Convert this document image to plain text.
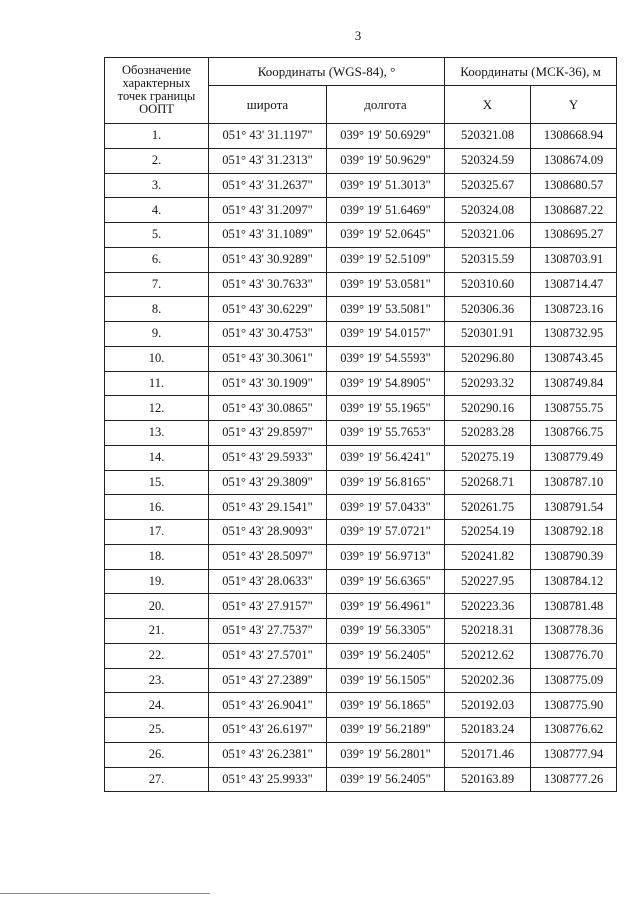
3
Обозначение характерных точек границы ООПТ	Координаты (WGS-84), °		Координаты (МСК-36), м	
	широта	долгота	X	Y
1.	051° 43' 31.1197"	039° 19' 50.6929"	520321.08	1308668.94
2.	051° 43' 31.2313"	039° 19' 50.9629"	520324.59	1308674.09
3.	051° 43' 31.2637"	039° 19' 51.3013"	520325.67	1308680.57
4.	051° 43' 31.2097"	039° 19' 51.6469"	520324.08	1308687.22
5.	051° 43' 31.1089"	039° 19' 52.0645"	520321.06	1308695.27
6.	051° 43' 30.9289"	039° 19' 52.5109"	520315.59	1308703.91
7.	051° 43' 30.7633"	039° 19' 53.0581"	520310.60	1308714.47
8.	051° 43' 30.6229"	039° 19' 53.5081"	520306.36	1308723.16
9.	051° 43' 30.4753"	039° 19' 54.0157"	520301.91	1308732.95
10.	051° 43' 30.3061"	039° 19' 54.5593"	520296.80	1308743.45
11.	051° 43' 30.1909"	039° 19' 54.8905"	520293.32	1308749.84
12.	051° 43' 30.0865"	039° 19' 55.1965"	520290.16	1308755.75
13.	051° 43' 29.8597"	039° 19' 55.7653"	520283.28	1308766.75
14.	051° 43' 29.5933"	039° 19' 56.4241"	520275.19	1308779.49
15.	051° 43' 29.3809"	039° 19' 56.8165"	520268.71	1308787.10
16.	051° 43' 29.1541"	039° 19' 57.0433"	520261.75	1308791.54
17.	051° 43' 28.9093"	039° 19' 57.0721"	520254.19	1308792.18
18.	051° 43' 28.5097"	039° 19' 56.9713"	520241.82	1308790.39
19.	051° 43' 28.0633"	039° 19' 56.6365"	520227.95	1308784.12
20.	051° 43' 27.9157"	039° 19' 56.4961"	520223.36	1308781.48
21.	051° 43' 27.7537"	039° 19' 56.3305"	520218.31	1308778.36
22.	051° 43' 27.5701"	039° 19' 56.2405"	520212.62	1308776.70
23.	051° 43' 27.2389"	039° 19' 56.1505"	520202.36	1308775.09
24.	051° 43' 26.9041"	039° 19' 56.1865"	520192.03	1308775.90
25.	051° 43' 26.6197"	039° 19' 56.2189"	520183.24	1308776.62
26.	051° 43' 26.2381"	039° 19' 56.2801"	520171.46	1308777.94
27.	051° 43' 25.9933"	039° 19' 56.2405"	520163.89	1308777.26
